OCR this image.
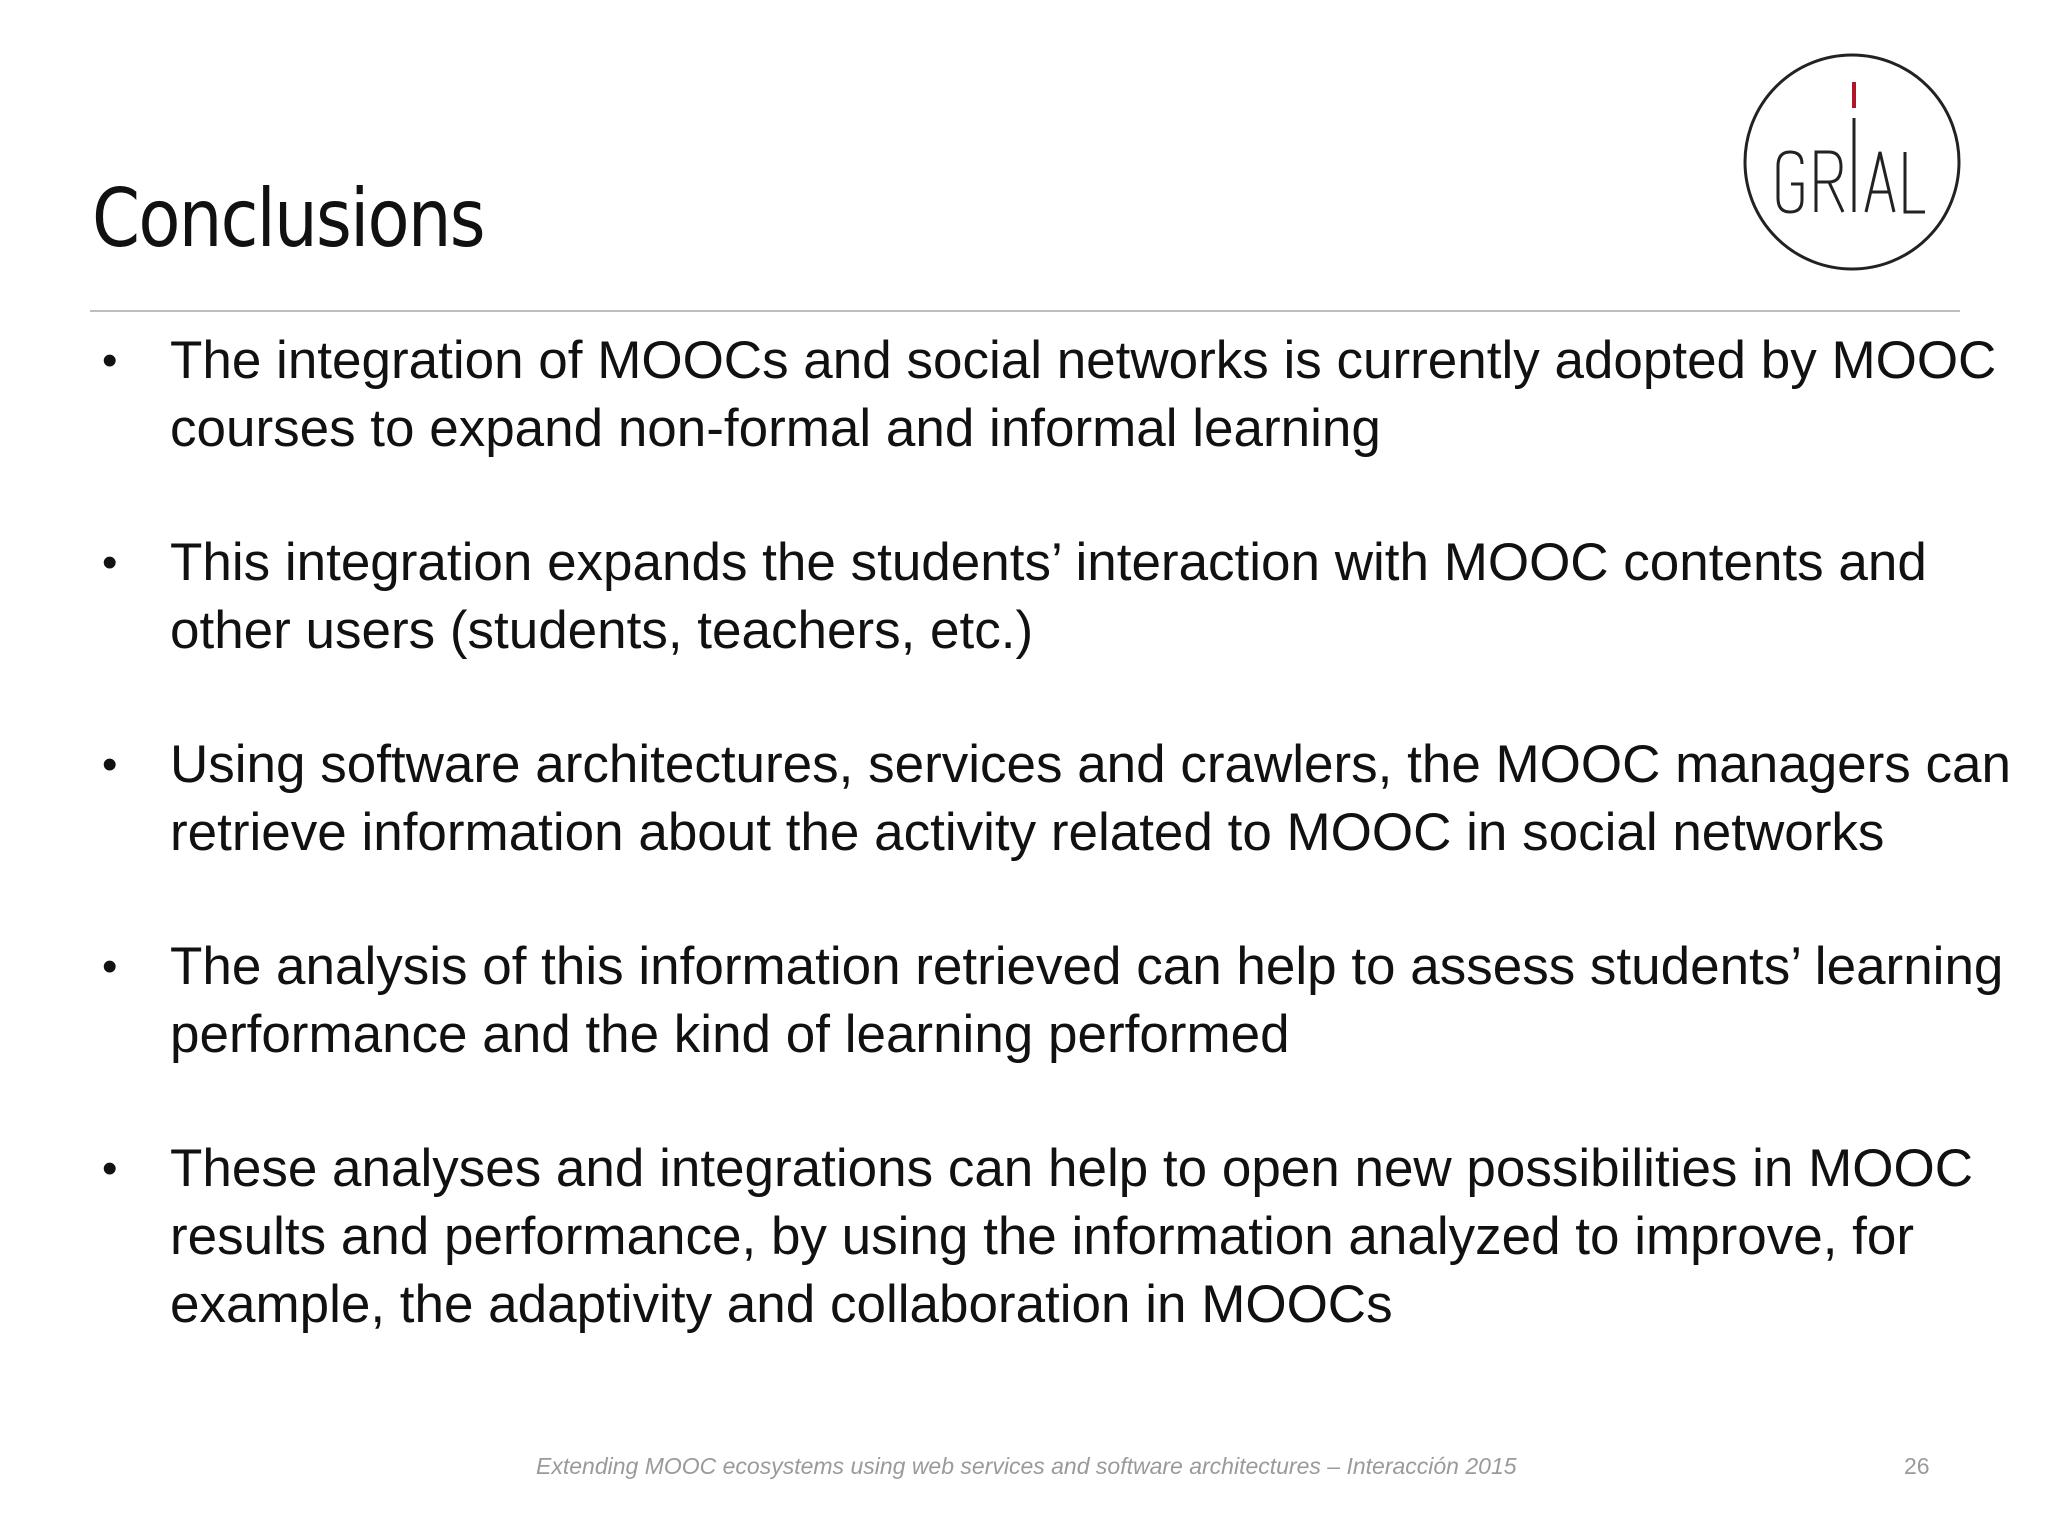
Conclusions
• The integration of MOOCs and social networks is currently adopted by MOOC courses to expand non-formal and informal learning
• This integration expands the students’ interaction with MOOC contents and other users (students, teachers, etc.)
• Using software architectures, services and crawlers, the MOOC managers can retrieve information about the activity related to MOOC in social networks
• The analysis of this information retrieved can help to assess students’ learning performance and the kind of learning performed
• These analyses and integrations can help to open new possibilities in MOOC results and performance, by using the information analyzed to improve, for example, the adaptivity and collaboration in MOOCs

Extending MOOC ecosystems using web services and software architectures – Interacción 2015	26
